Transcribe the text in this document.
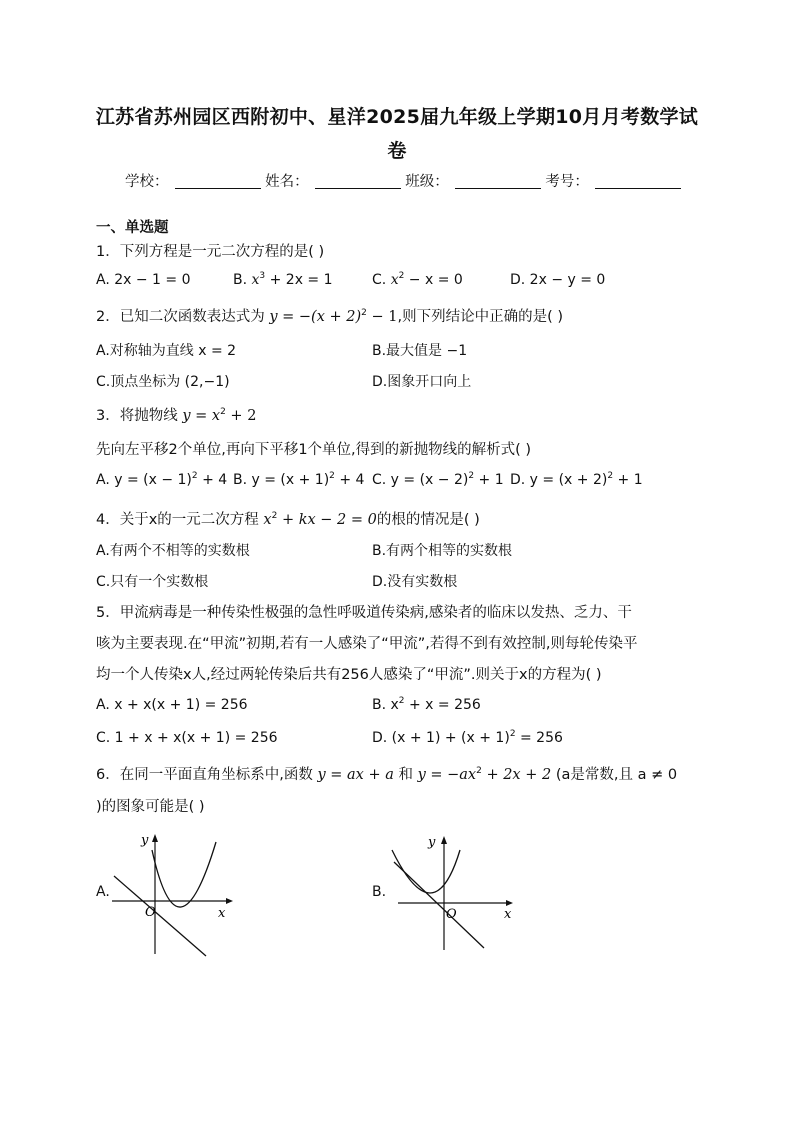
江苏省苏州园区西附初中、星洋2025届九年级上学期10月月考数学试
卷
学校：	姓名：	班级：	考号：
一、单选题
1．下列方程是一元二次方程的是( )
A. 2x − 1 = 0	B. $x^3 + 2x = 1$	C. $x^2 - x = 0$	D. 2x − y = 0
2．已知二次函数表达式为 $y = -(x + 2)^2 - 1$,则下列结论中正确的是( )
A.对称轴为直线 x = 2	B.最大值是 −1
C.顶点坐标为 (2,−1)	D.图象开口向上
3．将抛物线 $y = x^2 + 2$
先向左平移2个单位,再向下平移1个单位,得到的新抛物线的解析式( )
A. $y = (x - 1)^2 + 4$ B. $y = (x + 1)^2 + 4$ C. $y = (x - 2)^2 + 1$ D. $y = (x + 2)^2 + 1$
4．关于x的一元二次方程 $x^2$ + kx − 2 = 0的根的情况是( )
A.有两个不相等的实数根	B.有两个相等的实数根
C.只有一个实数根	D.没有实数根
5．甲流病毒是一种传染性极强的急性呼吸道传染病,感染者的临床以发热、乏力、干
咳为主要表现.在“甲流”初期,若有一人感染了“甲流”,若得不到有效控制,则每轮传染平
均一个人传染x人,经过两轮传染后共有256人感染了“甲流”.则关于x的方程为( )
A. x + x(x + 1) = 256	B. $x^2 + x = 256$
C. 1 + x + x(x + 1) = 256	D. $(x + 1) + (x + 1)^2 = 256$
6．在同一平面直角坐标系中,函数 y = ax + a 和 $y = -ax^2 + 2x + 2$ (a是常数,且 a ≠ 0
)的图象可能是( )
A.
x
y
O
B.
x
y
O
